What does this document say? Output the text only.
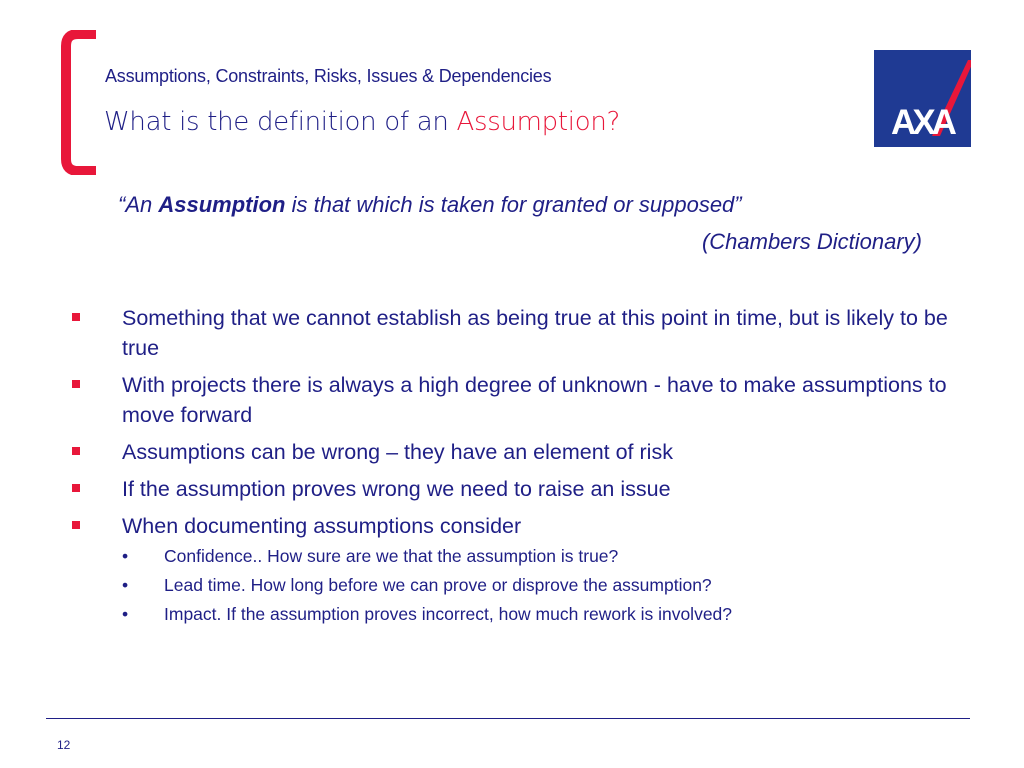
Assumptions, Constraints, Risks, Issues & Dependencies
What is the definition of an Assumption?	AXA
“An Assumption is that which is taken for granted or supposed”
(Chambers Dictionary)
Something that we cannot establish as being true at this point in time, but is likely to be true
With projects there is always a high degree of unknown - have to make assumptions to move forward
Assumptions can be wrong – they have an element of risk
If the assumption proves wrong we need to raise an issue
When documenting assumptions consider
• Confidence.. How sure are we that the assumption is true?
• Lead time. How long before we can prove or disprove the assumption?
• Impact. If the assumption proves incorrect, how much rework is involved?
12
